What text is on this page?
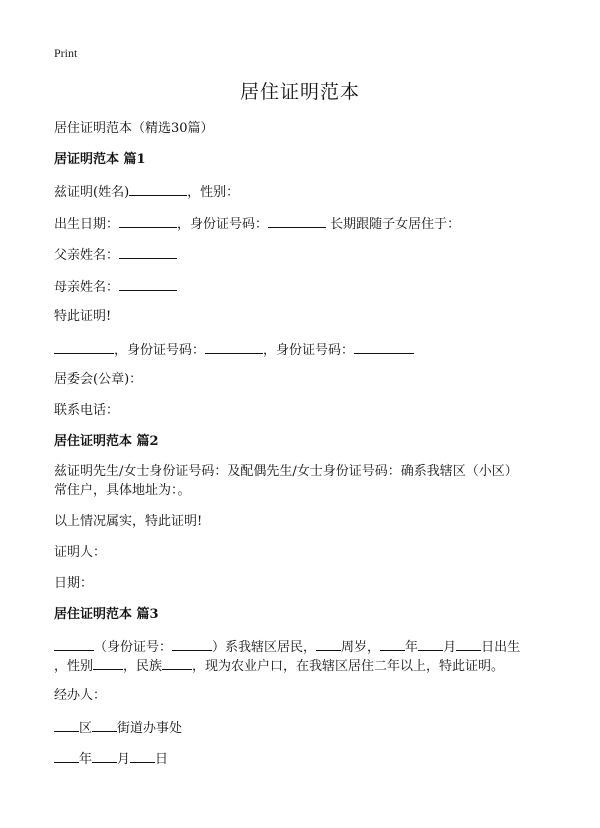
Print
居住证明范本
居住证明范本（精选30篇）
居证明范本 篇1
兹证明(姓名)	，性别：
出生日期：	，身份证号码：	长期跟随子女居住于：
父亲姓名：
母亲姓名：
特此证明!
，身份证号码：	，身份证号码：
居委会(公章)：
联系电话：
居住证明范本 篇2
兹证明先生/女士身份证号码：及配偶先生/女士身份证号码：确系我辖区（小区）
常住户，具体地址为：。
以上情况属实，特此证明!
证明人：
日期：
居住证明范本 篇3
（身份证号：	）系我辖区居民， 周岁， 年 月 日出生
，性别 ，民族 ，现为农业户口，在我辖区居住二年以上，特此证明。
经办人：
区 街道办事处
年 月 日
